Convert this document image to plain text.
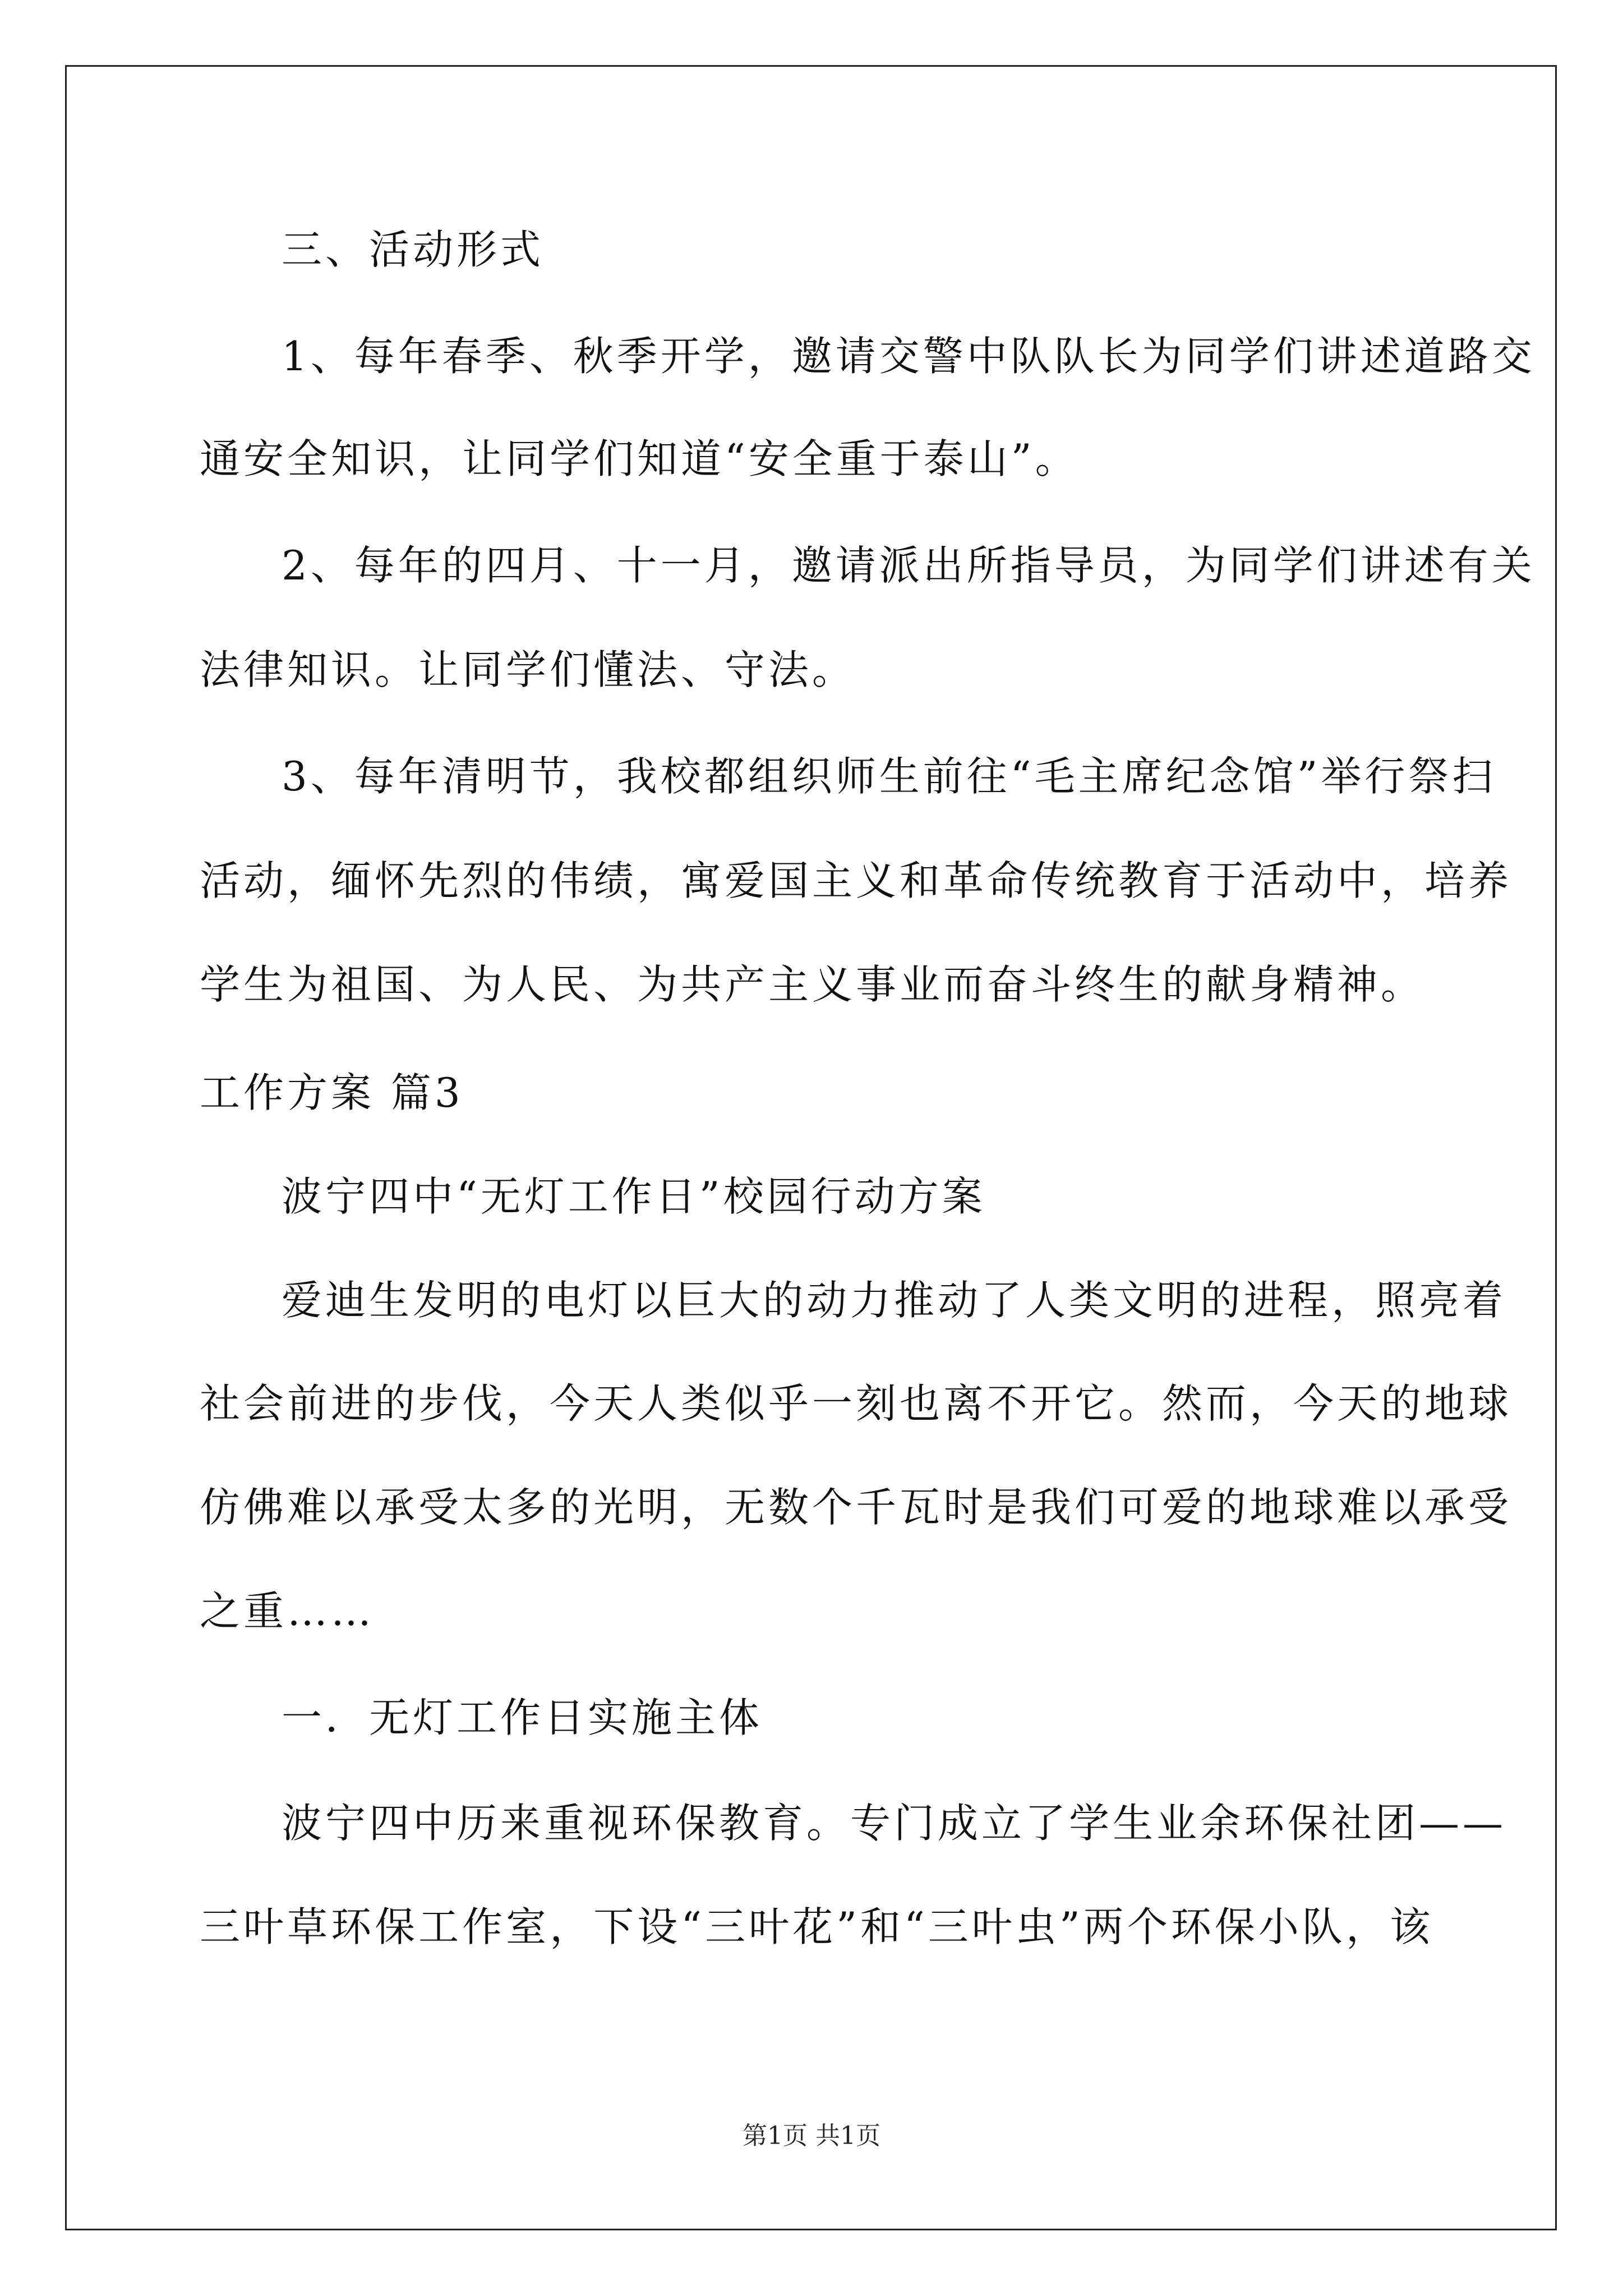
三、活动形式
1、每年春季、秋季开学，邀请交警中队队长为同学们讲述道路交
通安全知识，让同学们知道“安全重于泰山”。
2、每年的四月、十一月，邀请派出所指导员，为同学们讲述有关
法律知识。让同学们懂法、守法。
3、每年清明节，我校都组织师生前往“毛主席纪念馆”举行祭扫
活动，缅怀先烈的伟绩，寓爱国主义和革命传统教育于活动中，培养
学生为祖国、为人民、为共产主义事业而奋斗终生的献身精神。
工作方案 篇3
波宁四中“无灯工作日”校园行动方案
爱迪生发明的电灯以巨大的动力推动了人类文明的进程，照亮着
社会前进的步伐，今天人类似乎一刻也离不开它。然而，今天的地球
仿佛难以承受太多的光明，无数个千瓦时是我们可爱的地球难以承受
之重……
一．无灯工作日实施主体
波宁四中历来重视环保教育。专门成立了学生业余环保社团——
三叶草环保工作室，下设“三叶花”和“三叶虫”两个环保小队，该
第1页 共1页
